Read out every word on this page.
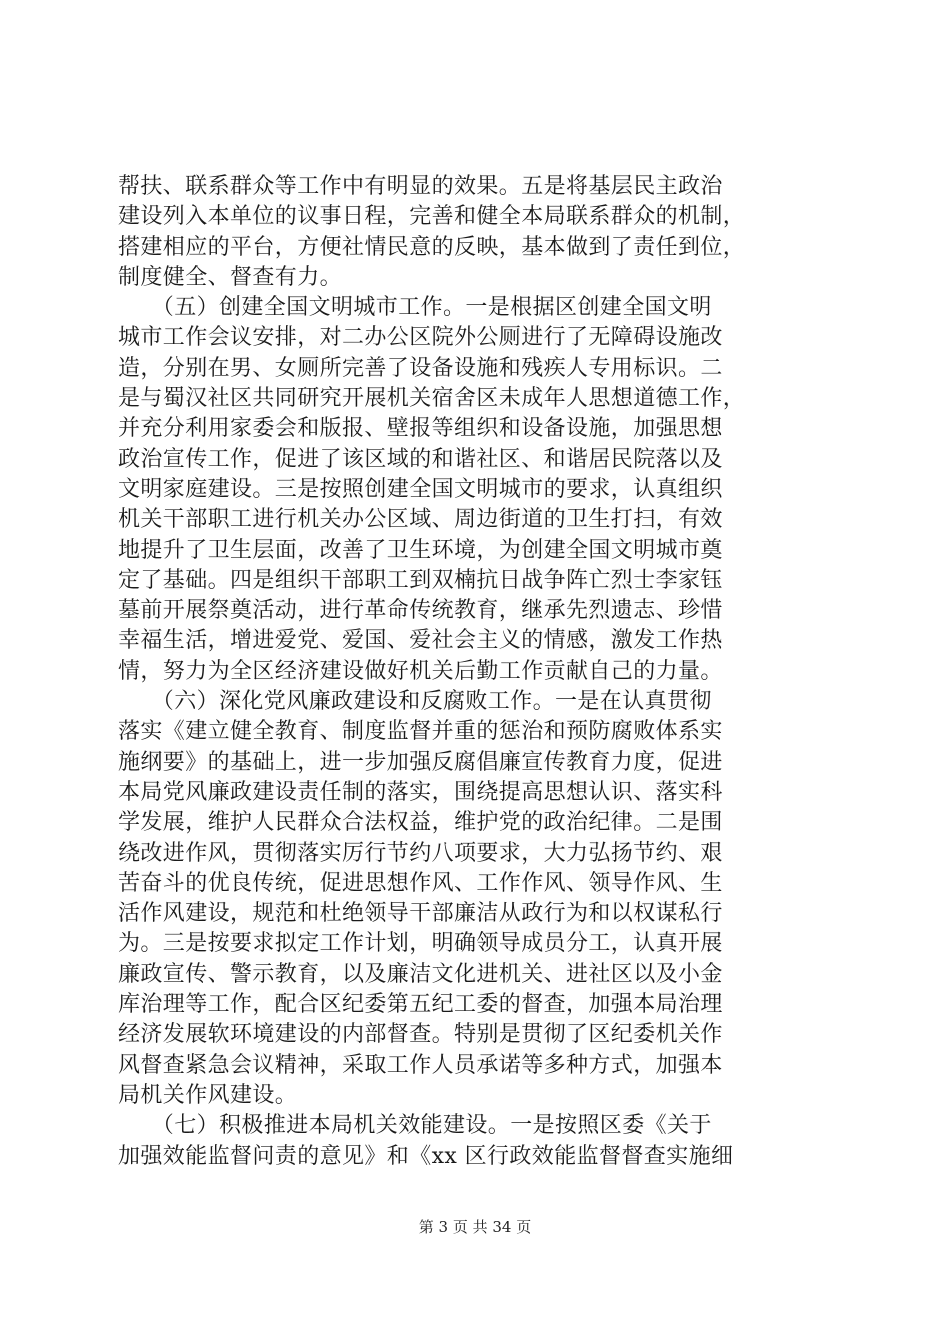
帮扶、联系群众等工作中有明显的效果。五是将基层民主政治
建设列入本单位的议事日程，完善和健全本局联系群众的机制，
搭建相应的平台，方便社情民意的反映，基本做到了责任到位，
制度健全、督查有力。
　　（五）创建全国文明城市工作。一是根据区创建全国文明
城市工作会议安排，对二办公区院外公厕进行了无障碍设施改
造，分别在男、女厕所完善了设备设施和残疾人专用标识。二
是与蜀汉社区共同研究开展机关宿舍区未成年人思想道德工作，
并充分利用家委会和版报、壁报等组织和设备设施，加强思想
政治宣传工作，促进了该区域的和谐社区、和谐居民院落以及
文明家庭建设。三是按照创建全国文明城市的要求，认真组织
机关干部职工进行机关办公区域、周边街道的卫生打扫，有效
地提升了卫生层面，改善了卫生环境，为创建全国文明城市奠
定了基础。四是组织干部职工到双楠抗日战争阵亡烈士李家钰
墓前开展祭奠活动，进行革命传统教育，继承先烈遗志、珍惜
幸福生活，增进爱党、爱国、爱社会主义的情感，激发工作热
情，努力为全区经济建设做好机关后勤工作贡献自己的力量。
　　（六）深化党风廉政建设和反腐败工作。一是在认真贯彻
落实《建立健全教育、制度监督并重的惩治和预防腐败体系实
施纲要》的基础上，进一步加强反腐倡廉宣传教育力度，促进
本局党风廉政建设责任制的落实，围绕提高思想认识、落实科
学发展，维护人民群众合法权益，维护党的政治纪律。二是围
绕改进作风，贯彻落实厉行节约八项要求，大力弘扬节约、艰
苦奋斗的优良传统，促进思想作风、工作作风、领导作风、生
活作风建设，规范和杜绝领导干部廉洁从政行为和以权谋私行
为。三是按要求拟定工作计划，明确领导成员分工，认真开展
廉政宣传、警示教育，以及廉洁文化进机关、进社区以及小金
库治理等工作，配合区纪委第五纪工委的督查，加强本局治理
经济发展软环境建设的内部督查。特别是贯彻了区纪委机关作
风督查紧急会议精神，采取工作人员承诺等多种方式，加强本
局机关作风建设。
　　（七）积极推进本局机关效能建设。一是按照区委《关于
加强效能监督问责的意见》和《xx 区行政效能监督督查实施细
第 3 页 共 34 页
